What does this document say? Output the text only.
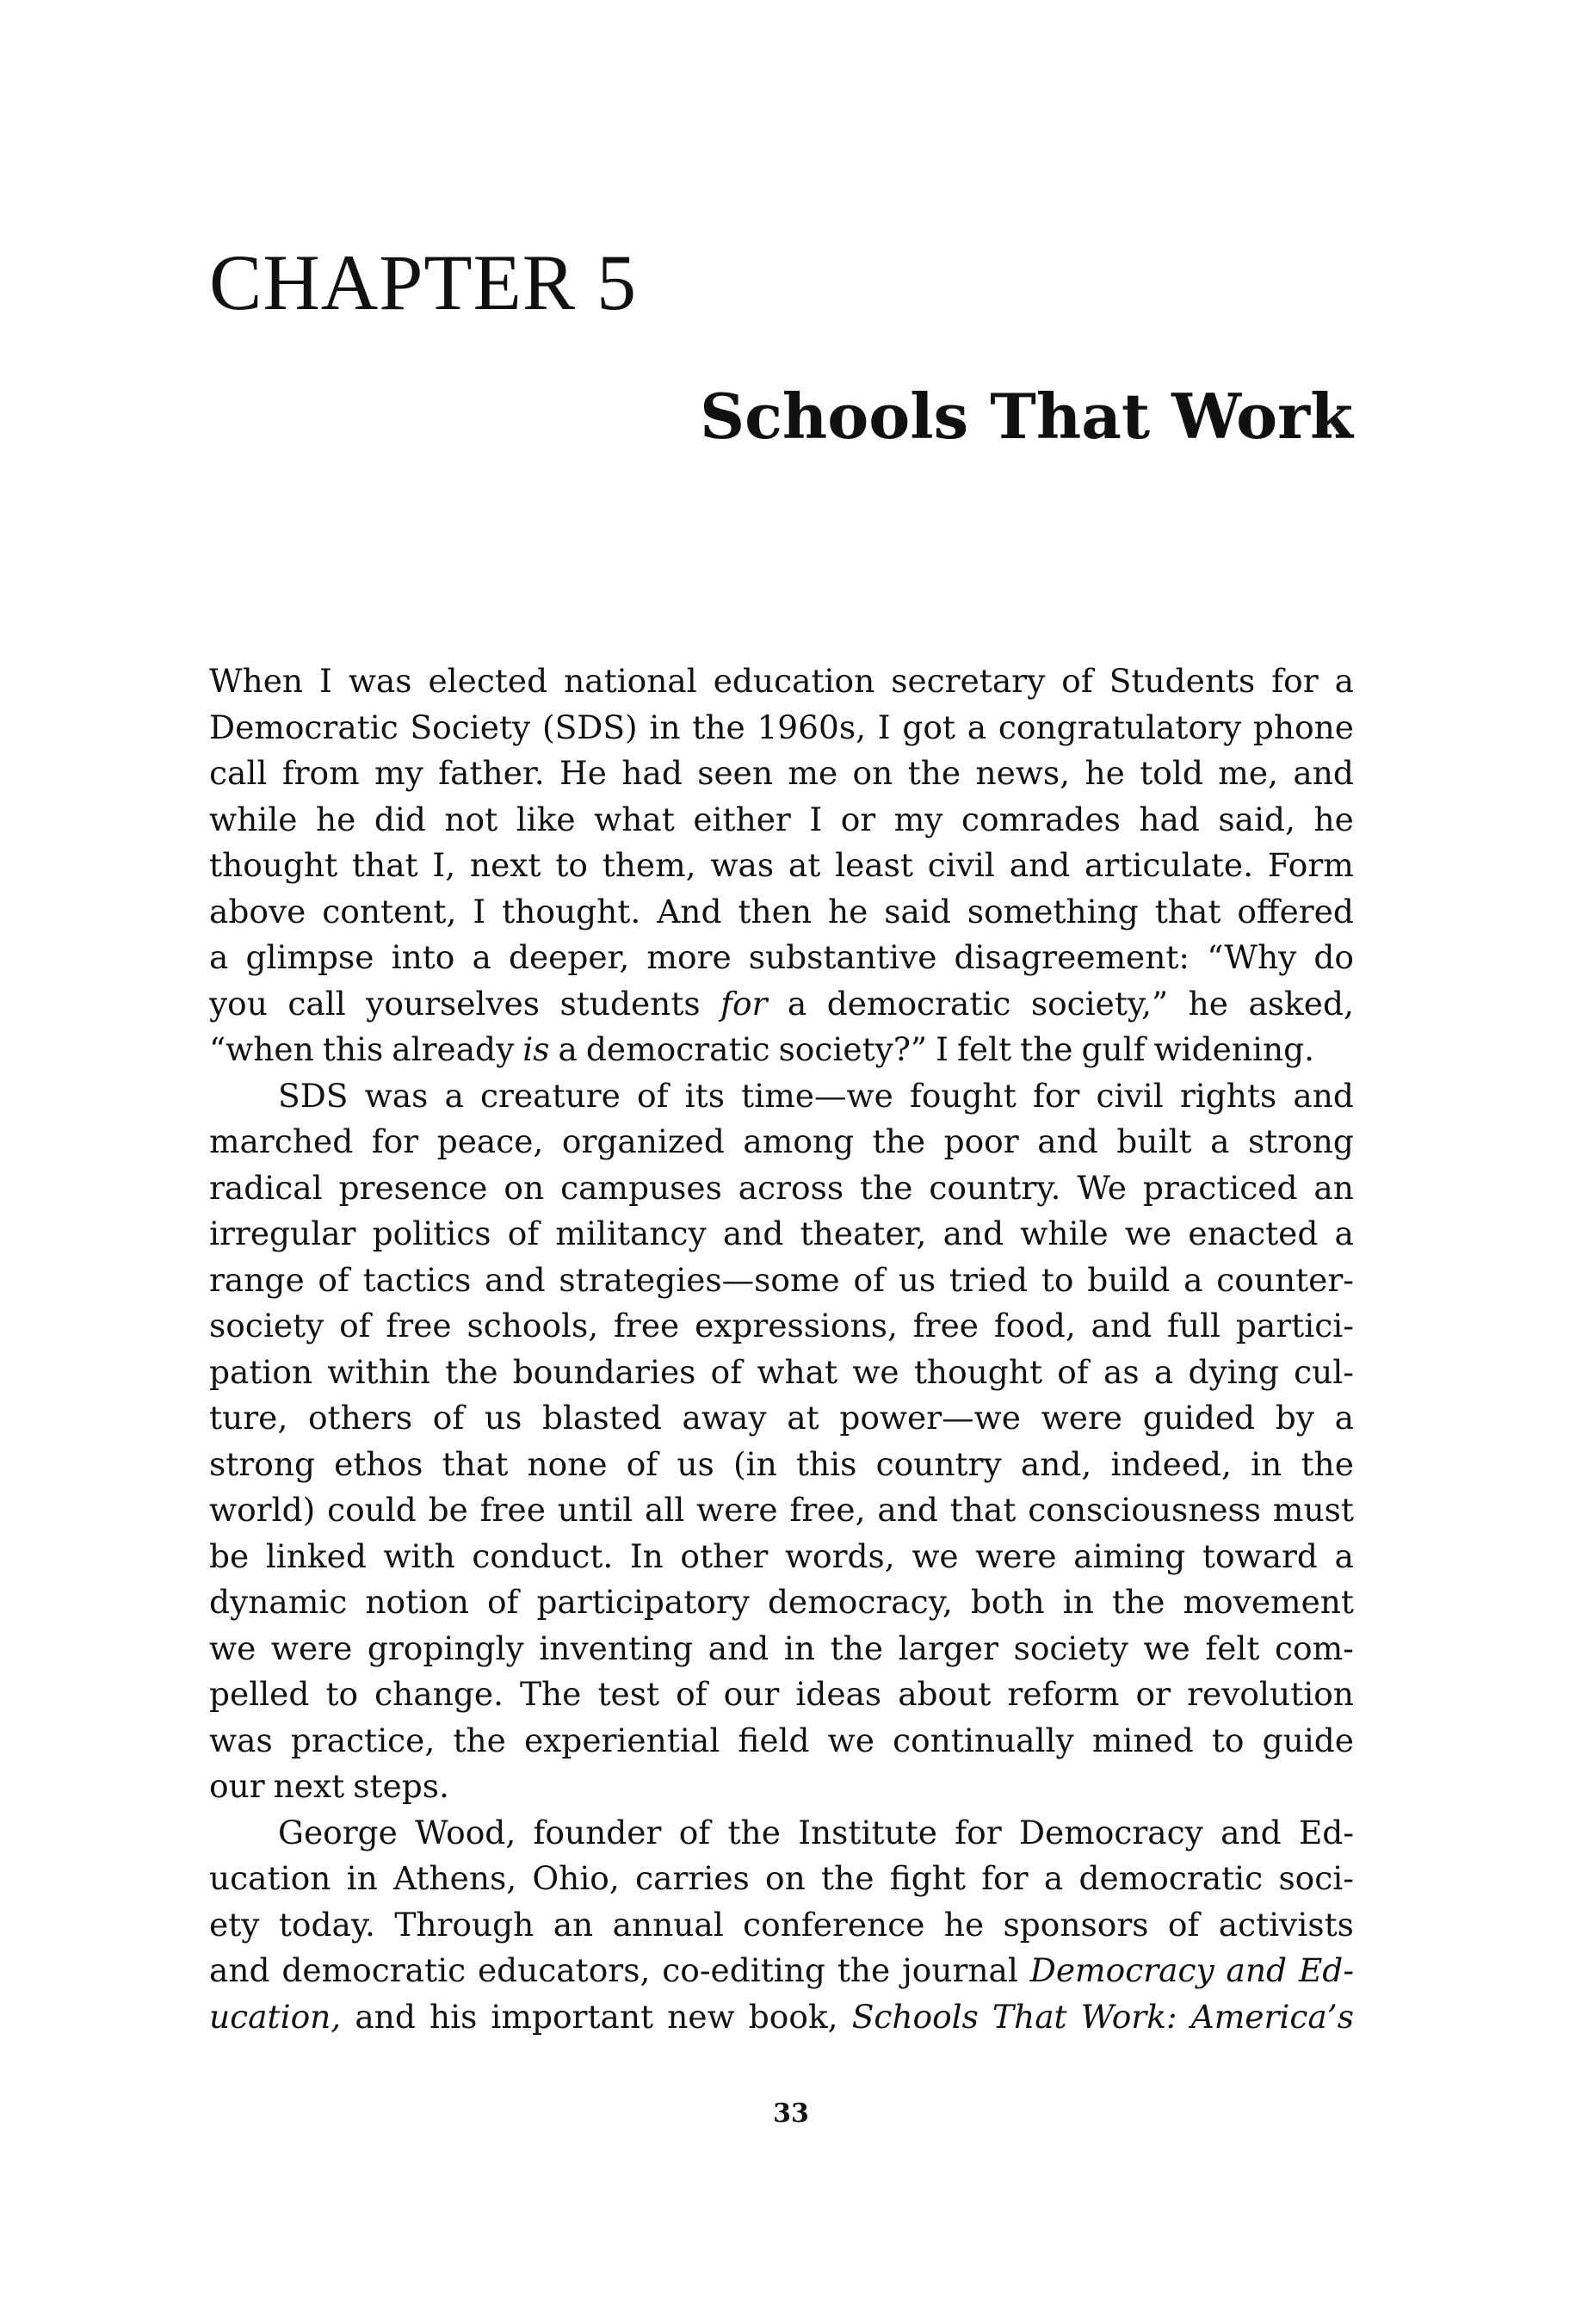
CHAPTER 5
Schools That Work
When I was elected national education secretary of Students for a
Democratic Society (SDS) in the 1960s, I got a congratulatory phone
call from my father. He had seen me on the news, he told me, and
while he did not like what either I or my comrades had said, he
thought that I, next to them, was at least civil and articulate. Form
above content, I thought. And then he said something that offered
a glimpse into a deeper, more substantive disagreement: “Why do
you call yourselves students for a democratic society,” he asked,
“when this already is a democratic society?” I felt the gulf widening.
SDS was a creature of its time—we fought for civil rights and
marched for peace, organized among the poor and built a strong
radical presence on campuses across the country. We practiced an
irregular politics of militancy and theater, and while we enacted a
range of tactics and strategies—some of us tried to build a counter-
society of free schools, free expressions, free food, and full partici-
pation within the boundaries of what we thought of as a dying cul-
ture, others of us blasted away at power—we were guided by a
strong ethos that none of us (in this country and, indeed, in the
world) could be free until all were free, and that consciousness must
be linked with conduct. In other words, we were aiming toward a
dynamic notion of participatory democracy, both in the movement
we were gropingly inventing and in the larger society we felt com-
pelled to change. The test of our ideas about reform or revolution
was practice, the experiential field we continually mined to guide
our next steps.
George Wood, founder of the Institute for Democracy and Ed-
ucation in Athens, Ohio, carries on the fight for a democratic soci-
ety today. Through an annual conference he sponsors of activists
and democratic educators, co-editing the journal Democracy and Ed-
ucation, and his important new book, Schools That Work: America’s
33
